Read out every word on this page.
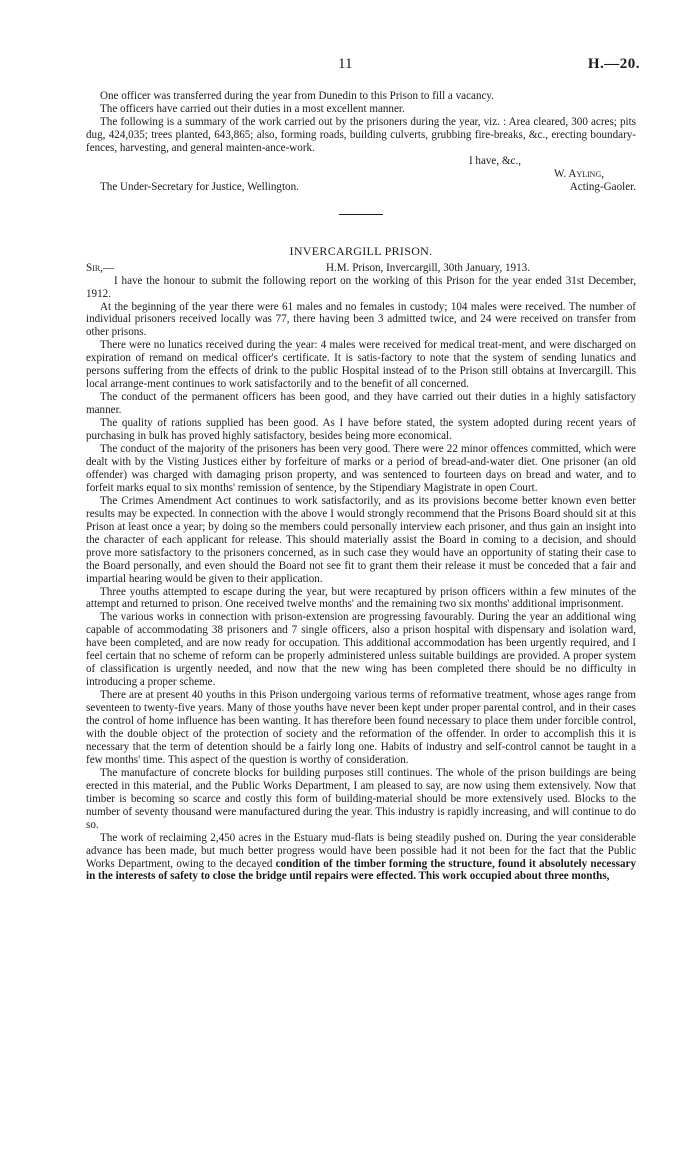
11	H.—20.

One officer was transferred during the year from Dunedin to this Prison to fill a vacancy.

The officers have carried out their duties in a most excellent manner.

The following is a summary of the work carried out by the prisoners during the year, viz. : Area cleared, 300 acres; pits dug, 424,035; trees planted, 643,865; also, forming roads, building culverts, grubbing fire-breaks, &c., erecting boundary-fences, harvesting, and general mainten-ance-work.

I have, &c.,

W. Ayling,

The Under-Secretary for Justice, Wellington.	Acting-Gaoler.
INVERCARGILL PRISON.
Sir,—	H.M. Prison, Invercargill, 30th January, 1913.

I have the honour to submit the following report on the working of this Prison for the year ended 31st December, 1912.

At the beginning of the year there were 61 males and no females in custody; 104 males were received. The number of individual prisoners received locally was 77, there having been 3 admitted twice, and 24 were received on transfer from other prisons.

There were no lunatics received during the year: 4 males were received for medical treat-ment, and were discharged on expiration of remand on medical officer's certificate. It is satis-factory to note that the system of sending lunatics and persons suffering from the effects of drink to the public Hospital instead of to the Prison still obtains at Invercargill. This local arrange-ment continues to work satisfactorily and to the benefit of all concerned.

The conduct of the permanent officers has been good, and they have carried out their duties in a highly satisfactory manner.

The quality of rations supplied has been good. As I have before stated, the system adopted during recent years of purchasing in bulk has proved highly satisfactory, besides being more economical.

The conduct of the majority of the prisoners has been very good. There were 22 minor offences committed, which were dealt with by the Visting Justices either by forfeiture of marks or a period of bread-and-water diet. One prisoner (an old offender) was charged with damaging prison property, and was sentenced to fourteen days on bread and water, and to forfeit marks equal to six months' remission of sentence, by the Stipendiary Magistrate in open Court.

The Crimes Amendment Act continues to work satisfactorily, and as its provisions become better known even better results may be expected. In connection with the above I would strongly recommend that the Prisons Board should sit at this Prison at least once a year; by doing so the members could personally interview each prisoner, and thus gain an insight into the character of each applicant for release. This should materially assist the Board in coming to a decision, and should prove more satisfactory to the prisoners concerned, as in such case they would have an opportunity of stating their case to the Board personally, and even should the Board not see fit to grant them their release it must be conceded that a fair and impartial hearing would be given to their application.

Three youths attempted to escape during the year, but were recaptured by prison officers within a few minutes of the attempt and returned to prison. One received twelve months' and the remaining two six months' additional imprisonment.

The various works in connection with prison-extension are progressing favourably. During the year an additional wing capable of accommodating 38 prisoners and 7 single officers, also a prison hospital with dispensary and isolation ward, have been completed, and are now ready for occupation. This additional accommodation has been urgently required, and I feel certain that no scheme of reform can be properly administered unless suitable buildings are provided. A proper system of classification is urgently needed, and now that the new wing has been completed there should be no difficulty in introducing a proper scheme.

There are at present 40 youths in this Prison undergoing various terms of reformative treatment, whose ages range from seventeen to twenty-five years. Many of those youths have never been kept under proper parental control, and in their cases the control of home influence has been wanting. It has therefore been found necessary to place them under forcible control, with the double object of the protection of society and the reformation of the offender. In order to accomplish this it is necessary that the term of detention should be a fairly long one. Habits of industry and self-control cannot be taught in a few months' time. This aspect of the question is worthy of consideration.

The manufacture of concrete blocks for building purposes still continues. The whole of the prison buildings are being erected in this material, and the Public Works Department, I am pleased to say, are now using them extensively. Now that timber is becoming so scarce and costly this form of building-material should be more extensively used. Blocks to the number of seventy thousand were manufactured during the year. This industry is rapidly increasing, and will continue to do so.

The work of reclaiming 2,450 acres in the Estuary mud-flats is being steadily pushed on. During the year considerable advance has been made, but much better progress would have been possible had it not been for the fact that the Public Works Department, owing to the decayed condition of the timber forming the structure, found it absolutely necessary in the interests of safety to close the bridge until repairs were effected. This work occupied about three months,
